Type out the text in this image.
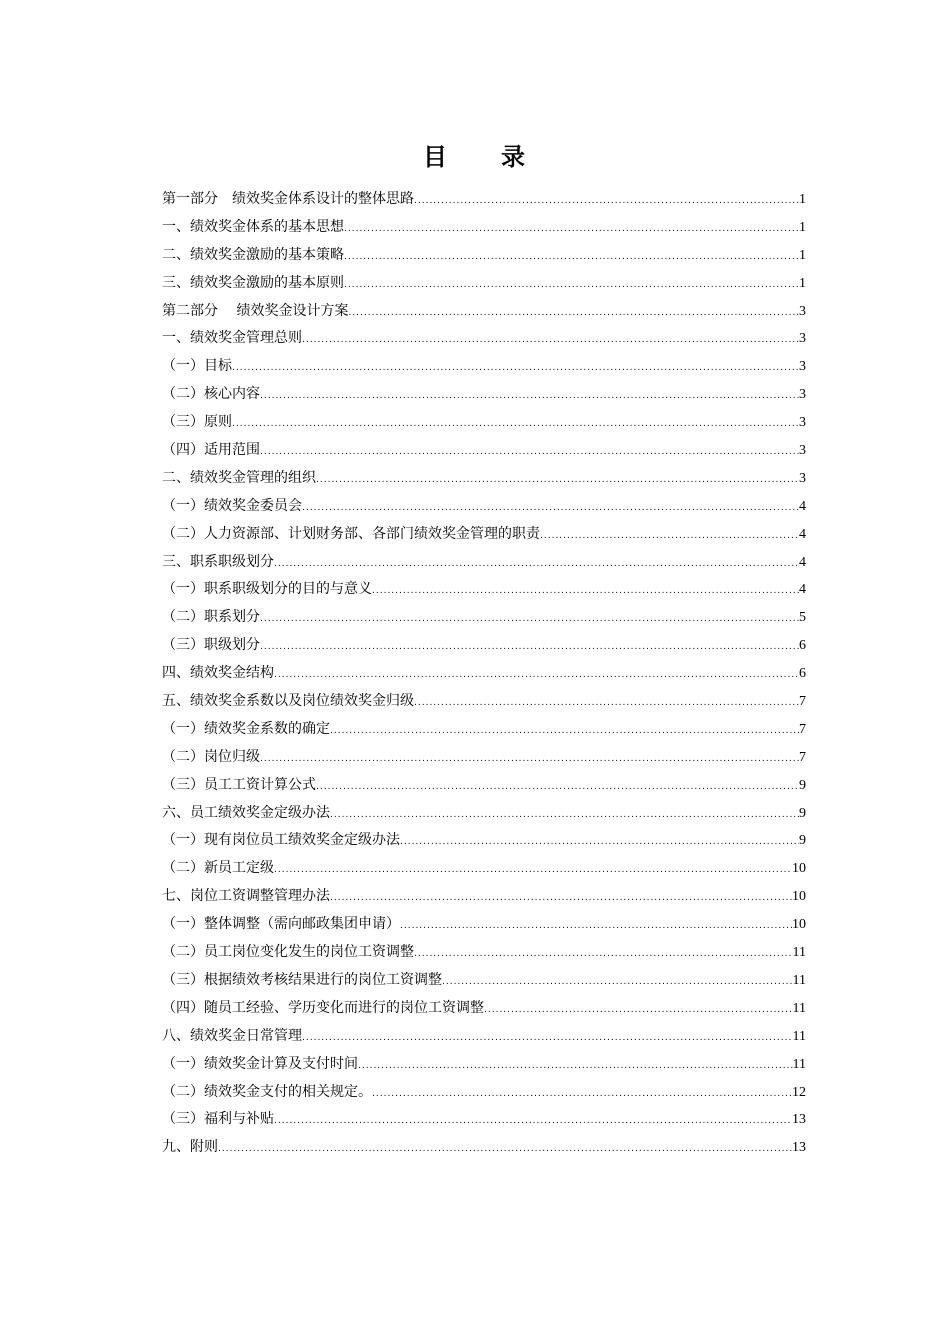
目　　录
第一部分　绩效奖金体系设计的整体思路 .....	1
一、绩效奖金体系的基本思想 .....	1
二、绩效奖金激励的基本策略 .....	1
三、绩效奖金激励的基本原则 .....	1
第二部分　 绩效奖金设计方案 .....	3
一、绩效奖金管理总则 .....	3
（一）目标 .....	3
（二）核心内容 .....	3
（三）原则 .....	3
（四）适用范围 .....	3
二、绩效奖金管理的组织 .....	3
（一）绩效奖金委员会 .....	4
（二）人力资源部、计划财务部、各部门绩效奖金管理的职责 .....	4
三、职系职级划分 .....	4
（一）职系职级划分的目的与意义 .....	4
（二）职系划分 .....	5
（三）职级划分 .....	6
四、绩效奖金结构 .....	6
五、绩效奖金系数以及岗位绩效奖金归级 .....	7
（一）绩效奖金系数的确定 .....	7
（二）岗位归级 .....	7
（三）员工工资计算公式 .....	9
六、员工绩效奖金定级办法 .....	9
（一）现有岗位员工绩效奖金定级办法 .....	9
（二）新员工定级 .....	10
七、岗位工资调整管理办法 .....	10
（一）整体调整（需向邮政集团申请） .....	10
（二）员工岗位变化发生的岗位工资调整 .....	11
（三）根据绩效考核结果进行的岗位工资调整 .....	11
（四）随员工经验、学历变化而进行的岗位工资调整 .....	11
八、绩效奖金日常管理 .....	11
（一）绩效奖金计算及支付时间 .....	11
（二）绩效奖金支付的相关规定。 .....	12
（三）福利与补贴 .....	13
九、附则 .....	13
